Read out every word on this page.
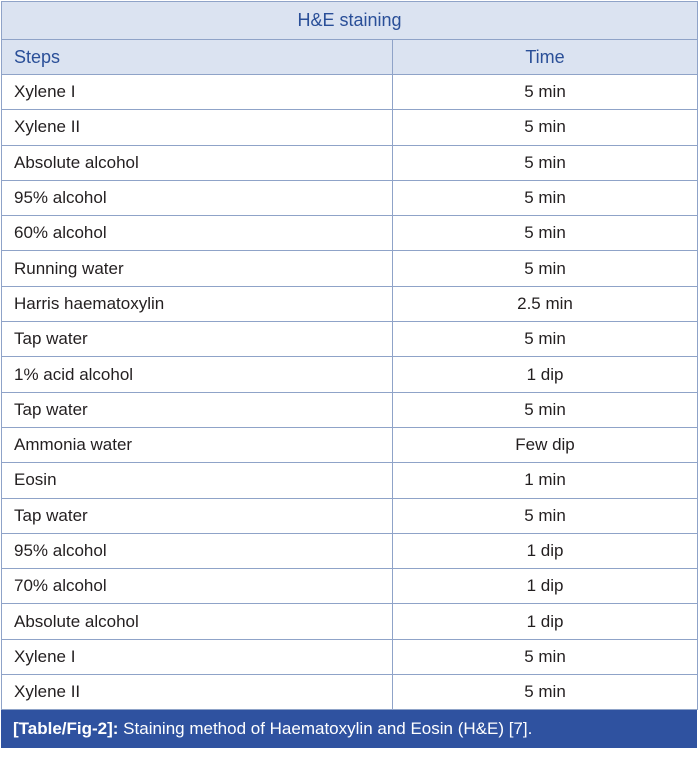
H&E staining	
Steps	Time
Xylene I	5 min
Xylene II	5 min
Absolute alcohol	5 min
95% alcohol	5 min
60% alcohol	5 min
Running water	5 min
Harris haematoxylin	2.5 min
Tap water	5 min
1% acid alcohol	1 dip
Tap water	5 min
Ammonia water	Few dip
Eosin	1 min
Tap water	5 min
95% alcohol	1 dip
70% alcohol	1 dip
Absolute alcohol	1 dip
Xylene I	5 min
Xylene II	5 min
[Table/Fig-2]: Staining method of Haematoxylin and Eosin (H&E) [7].
